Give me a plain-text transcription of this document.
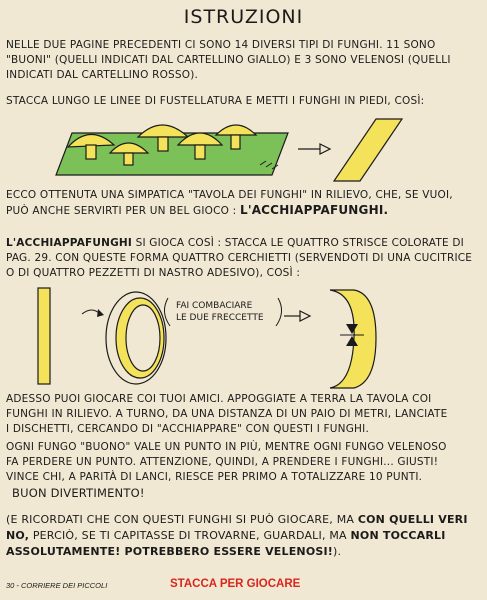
ISTRUZIONI
NELLE DUE PAGINE PRECEDENTI CI SONO 14 DIVERSI TIPI DI FUNGHI. 11 SONO
"BUONI" (QUELLI INDICATI DAL CARTELLINO GIALLO) E 3 SONO VELENOSI (QUELLI
INDICATI DAL CARTELLINO ROSSO).
STACCA LUNGO LE LINEE DI FUSTELLATURA E METTI I FUNGHI IN PIEDI, COSÌ:
ECCO OTTENUTA UNA SIMPATICA "TAVOLA DEI FUNGHI" IN RILIEVO, CHE, SE VUOI,
PUÒ ANCHE SERVIRTI PER UN BEL GIOCO : L'ACCHIAPPAFUNGHI.
L'ACCHIAPPAFUNGHI SI GIOCA COSÌ : STACCA LE QUATTRO STRISCE COLORATE DI
PAG. 29. CON QUESTE FORMA QUATTRO CERCHIETTI (SERVENDOTI DI UNA CUCITRICE
O DI QUATTRO PEZZETTI DI NASTRO ADESIVO), COSÌ :
FAI COMBACIARE
LE DUE FRECCETTE
ADESSO PUOI GIOCARE COI TUOI AMICI. APPOGGIATE A TERRA LA TAVOLA COI
FUNGHI IN RILIEVO. A TURNO, DA UNA DISTANZA DI UN PAIO DI METRI, LANCIATE
I DISCHETTI, CERCANDO DI "ACCHIAPPARE" CON QUESTI I FUNGHI.
OGNI FUNGO "BUONO" VALE UN PUNTO IN PIÙ, MENTRE OGNI FUNGO VELENOSO
FA PERDERE UN PUNTO. ATTENZIONE, QUINDI, A PRENDERE I FUNGHI... GIUSTI!
VINCE CHI, A PARITÀ DI LANCI, RIESCE PER PRIMO A TOTALIZZARE 10 PUNTI.
BUON DIVERTIMENTO!
(E RICORDATI CHE CON QUESTI FUNGHI SI PUÒ GIOCARE, MA CON QUELLI VERI
NO, PERCIÒ, SE TI CAPITASSE DI TROVARNE, GUARDALI, MA NON TOCCARLI
ASSOLUTAMENTE! POTREBBERO ESSERE VELENOSI!).
30 - CORRIERE DEI PICCOLI	STACCA PER GIOCARE
